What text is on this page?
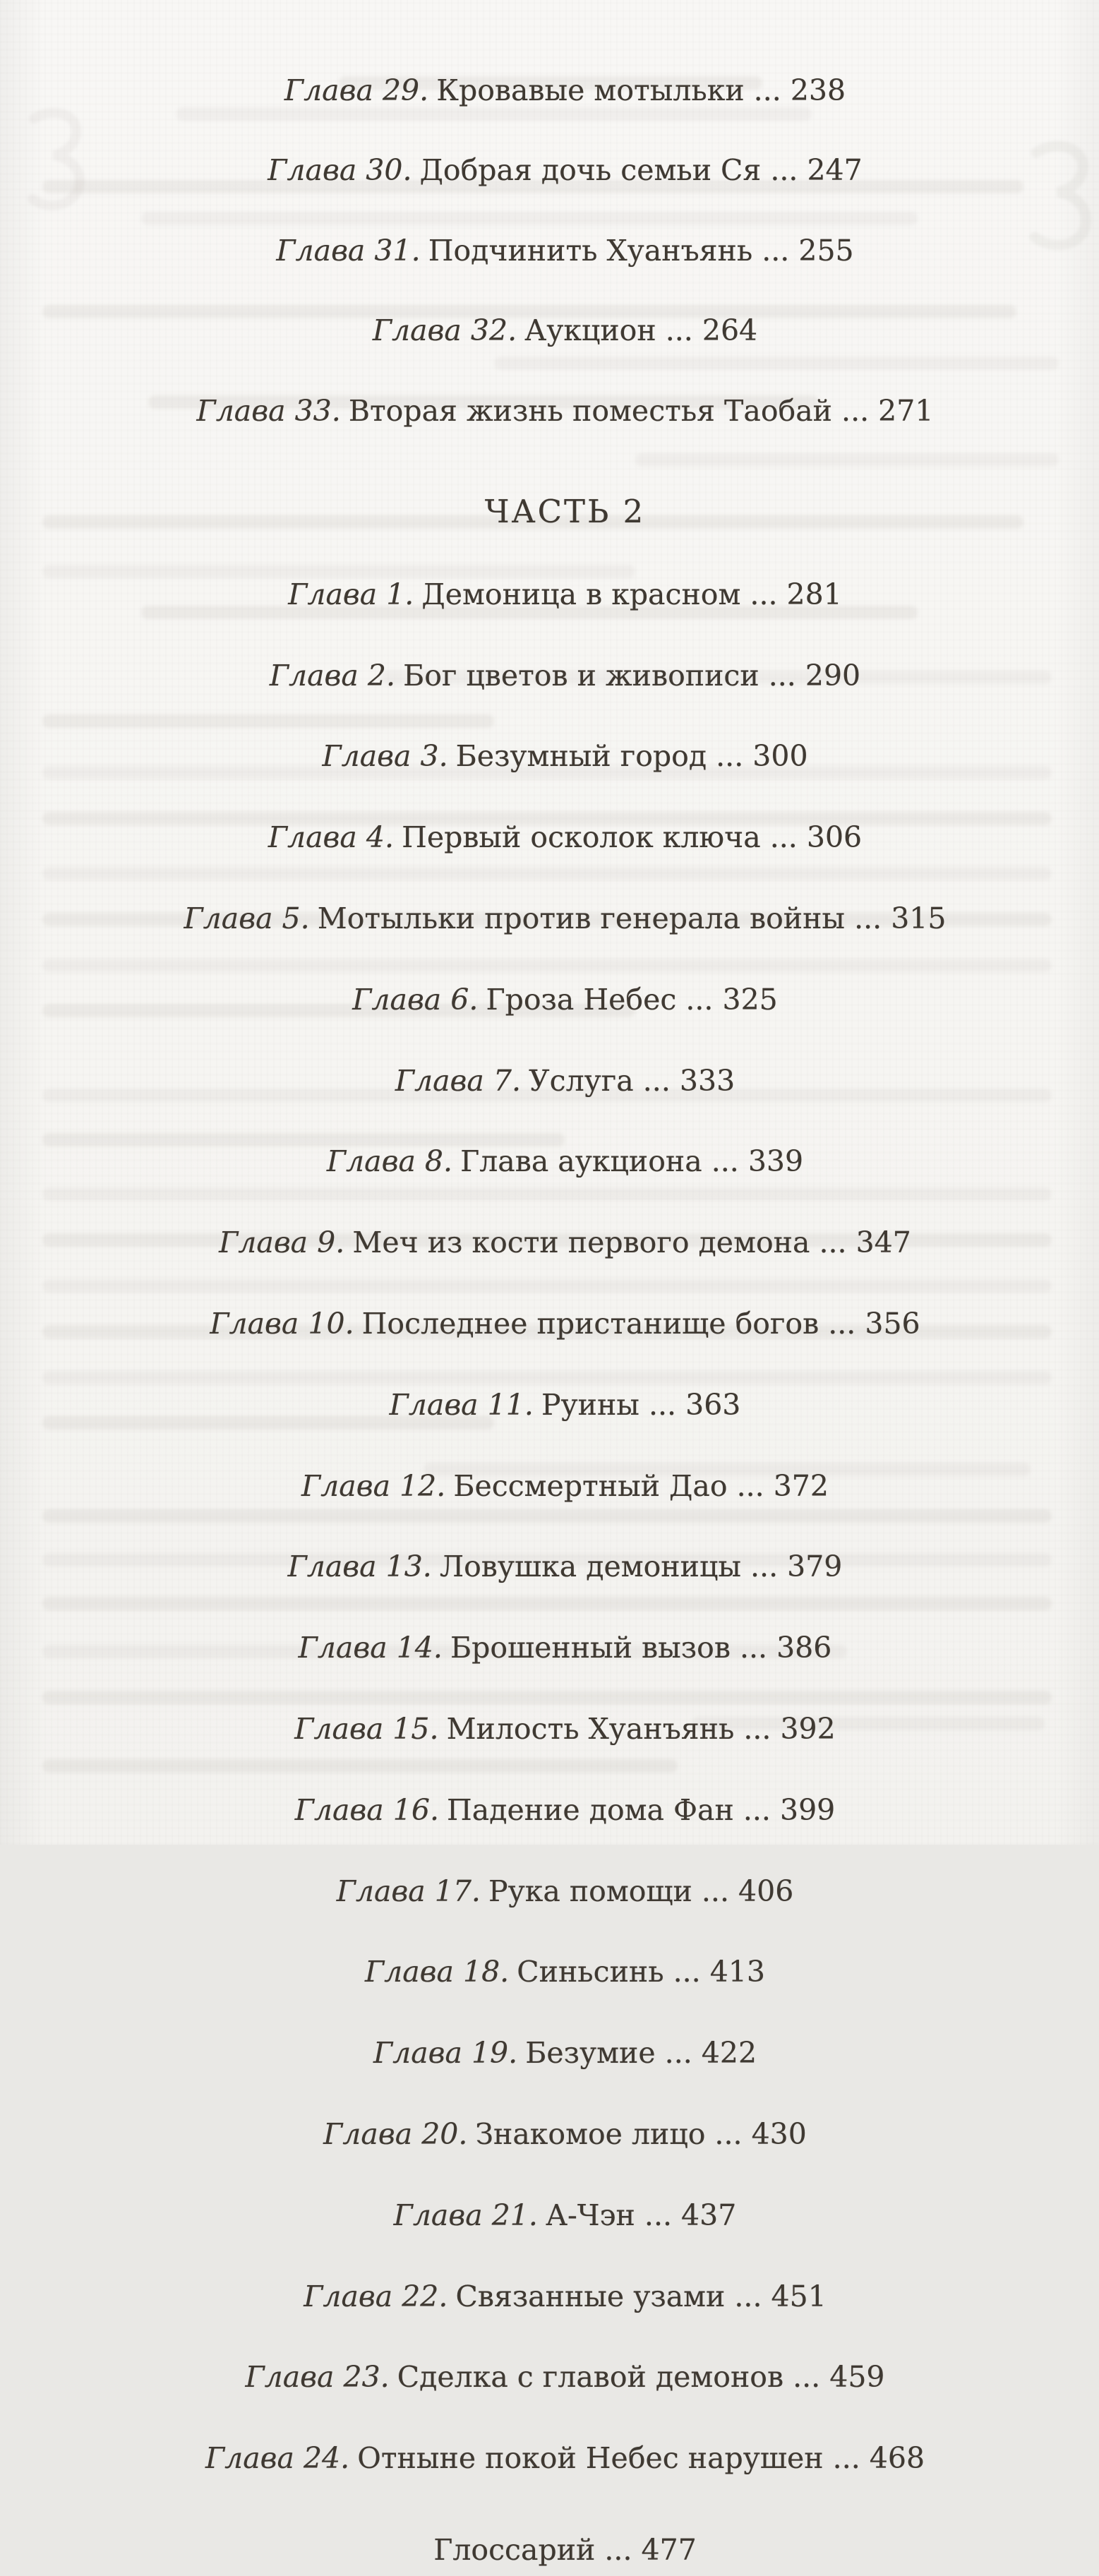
Глава 29. Кровавые мотыльки ... 238

Глава 30. Добрая дочь семьи Ся ... 247

Глава 31. Подчинить Хуанъянь ... 255

Глава 32. Аукцион ... 264

Глава 33. Вторая жизнь поместья Таобай ... 271

ЧАСТЬ 2

Глава 1. Демоница в красном ... 281

Глава 2. Бог цветов и живописи ... 290

Глава 3. Безумный город ... 300

Глава 4. Первый осколок ключа ... 306

Глава 5. Мотыльки против генерала войны ... 315

Глава 6. Гроза Небес ... 325

Глава 7. Услуга ... 333

Глава 8. Глава аукциона ... 339

Глава 9. Меч из кости первого демона ... 347

Глава 10. Последнее пристанище богов ... 356

Глава 11. Руины ... 363

Глава 12. Бессмертный Дао ... 372

Глава 13. Ловушка демоницы ... 379

Глава 14. Брошенный вызов ... 386

Глава 15. Милость Хуанъянь ... 392

Глава 16. Падение дома Фан ... 399

Глава 17. Рука помощи ... 406

Глава 18. Синьсинь ... 413

Глава 19. Безумие ... 422

Глава 20. Знакомое лицо ... 430

Глава 21. А-Чэн ... 437

Глава 22. Связанные узами ... 451

Глава 23. Сделка с главой демонов ... 459

Глава 24. Отныне покой Небес нарушен ... 468

Глоссарий ... 477
